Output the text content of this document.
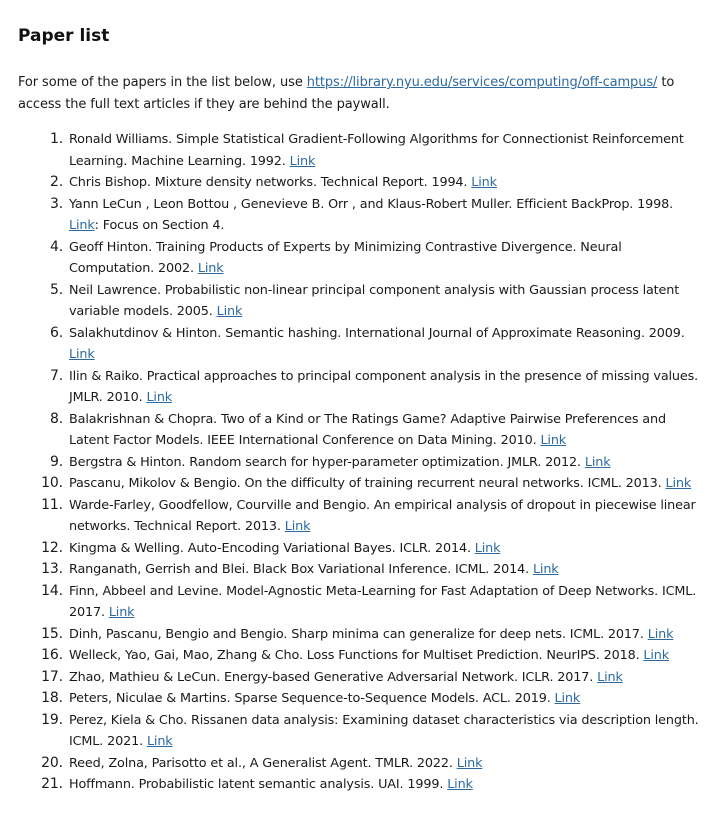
Paper list

For some of the papers in the list below, use https://library.nyu.edu/services/computing/off-campus/ to access the full text articles if they are behind the paywall.

1. Ronald Williams. Simple Statistical Gradient-Following Algorithms for Connectionist Reinforcement Learning. Machine Learning. 1992. Link
2. Chris Bishop. Mixture density networks. Technical Report. 1994. Link
3. Yann LeCun , Leon Bottou , Genevieve B. Orr , and Klaus-Robert Muller. Efficient BackProp. 1998. Link: Focus on Section 4.
4. Geoff Hinton. Training Products of Experts by Minimizing Contrastive Divergence. Neural Computation. 2002. Link
5. Neil Lawrence. Probabilistic non-linear principal component analysis with Gaussian process latent variable models. 2005. Link
6. Salakhutdinov & Hinton. Semantic hashing. International Journal of Approximate Reasoning. 2009. Link
7. Ilin & Raiko. Practical approaches to principal component analysis in the presence of missing values. JMLR. 2010. Link
8. Balakrishnan & Chopra. Two of a Kind or The Ratings Game? Adaptive Pairwise Preferences and Latent Factor Models. IEEE International Conference on Data Mining. 2010. Link
9. Bergstra & Hinton. Random search for hyper-parameter optimization. JMLR. 2012. Link
10. Pascanu, Mikolov & Bengio. On the difficulty of training recurrent neural networks. ICML. 2013. Link
11. Warde-Farley, Goodfellow, Courville and Bengio. An empirical analysis of dropout in piecewise linear networks. Technical Report. 2013. Link
12. Kingma & Welling. Auto-Encoding Variational Bayes. ICLR. 2014. Link
13. Ranganath, Gerrish and Blei. Black Box Variational Inference. ICML. 2014. Link
14. Finn, Abbeel and Levine. Model-Agnostic Meta-Learning for Fast Adaptation of Deep Networks. ICML. 2017. Link
15. Dinh, Pascanu, Bengio and Bengio. Sharp minima can generalize for deep nets. ICML. 2017. Link
16. Welleck, Yao, Gai, Mao, Zhang & Cho. Loss Functions for Multiset Prediction. NeurIPS. 2018. Link
17. Zhao, Mathieu & LeCun. Energy-based Generative Adversarial Network. ICLR. 2017. Link
18. Peters, Niculae & Martins. Sparse Sequence-to-Sequence Models. ACL. 2019. Link
19. Perez, Kiela & Cho. Rissanen data analysis: Examining dataset characteristics via description length. ICML. 2021. Link
20. Reed, Zolna, Parisotto et al., A Generalist Agent. TMLR. 2022. Link
21. Hoffmann. Probabilistic latent semantic analysis. UAI. 1999. Link
